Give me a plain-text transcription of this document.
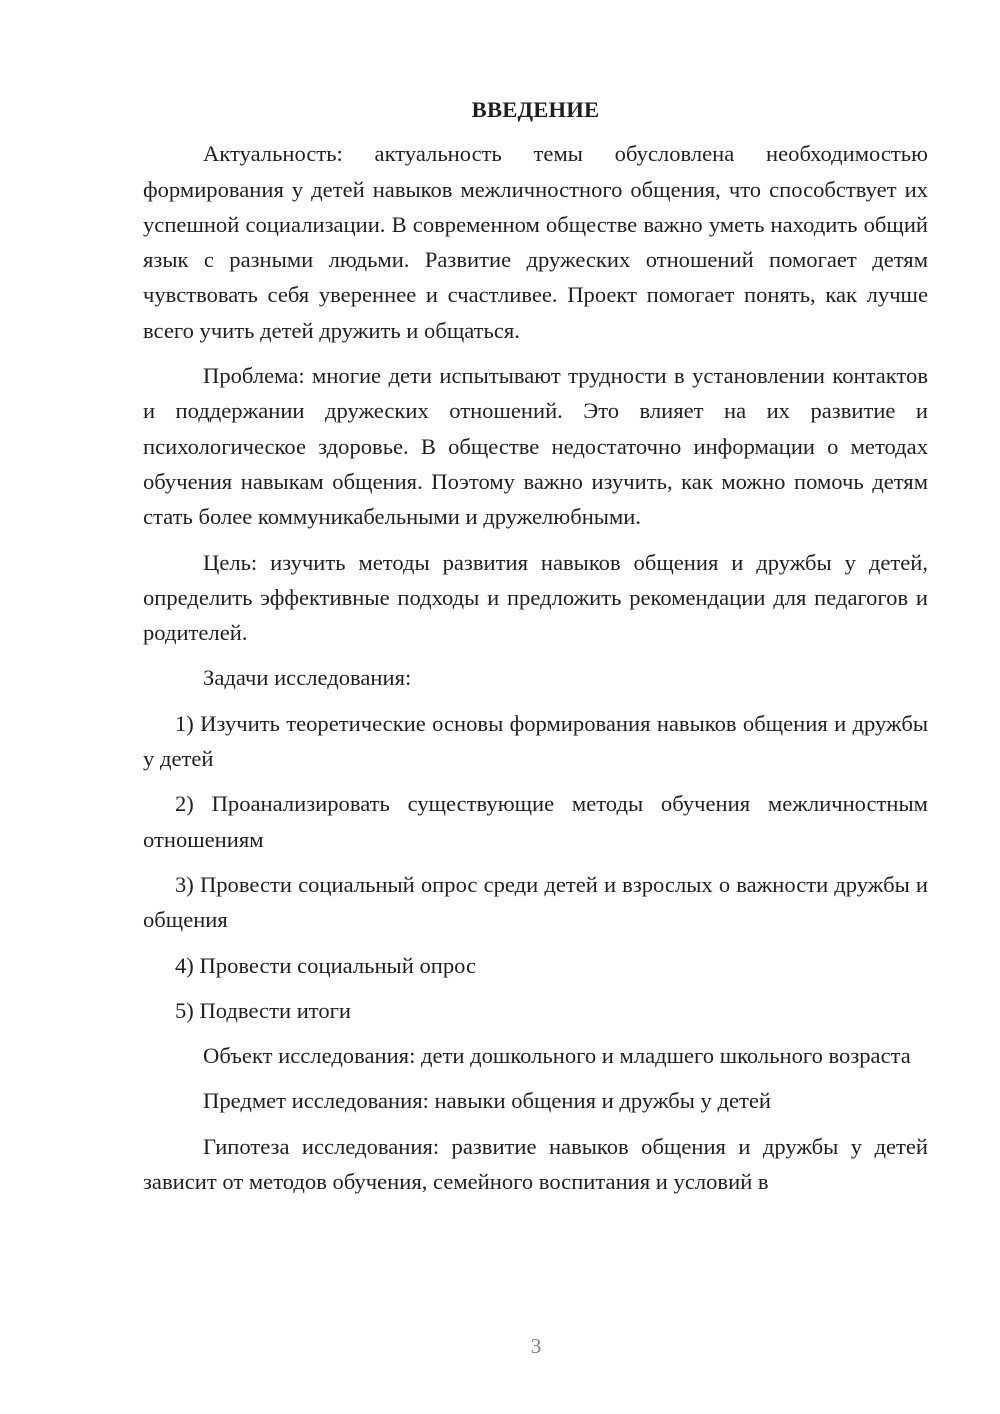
ВВЕДЕНИЕ

Актуальность: актуальность темы обусловлена необходимостью формирования у детей навыков межличностного общения, что способствует их успешной социализации. В современном обществе важно уметь находить общий язык с разными людьми. Развитие дружеских отношений помогает детям чувствовать себя увереннее и счастливее. Проект помогает понять, как лучше всего учить детей дружить и общаться.

Проблема: многие дети испытывают трудности в установлении контактов и поддержании дружеских отношений. Это влияет на их развитие и психологическое здоровье. В обществе недостаточно информации о методах обучения навыкам общения. Поэтому важно изучить, как можно помочь детям стать более коммуникабельными и дружелюбными.

Цель: изучить методы развития навыков общения и дружбы у детей, определить эффективные подходы и предложить рекомендации для педагогов и родителей.

Задачи исследования:

1) Изучить теоретические основы формирования навыков общения и дружбы у детей

2) Проанализировать существующие методы обучения межличностным отношениям

3) Провести социальный опрос среди детей и взрослых о важности дружбы и общения

4) Провести социальный опрос

5) Подвести итоги

Объект исследования: дети дошкольного и младшего школьного возраста

Предмет исследования: навыки общения и дружбы у детей

Гипотеза исследования: развитие навыков общения и дружбы у детей зависит от методов обучения, семейного воспитания и условий в

3
